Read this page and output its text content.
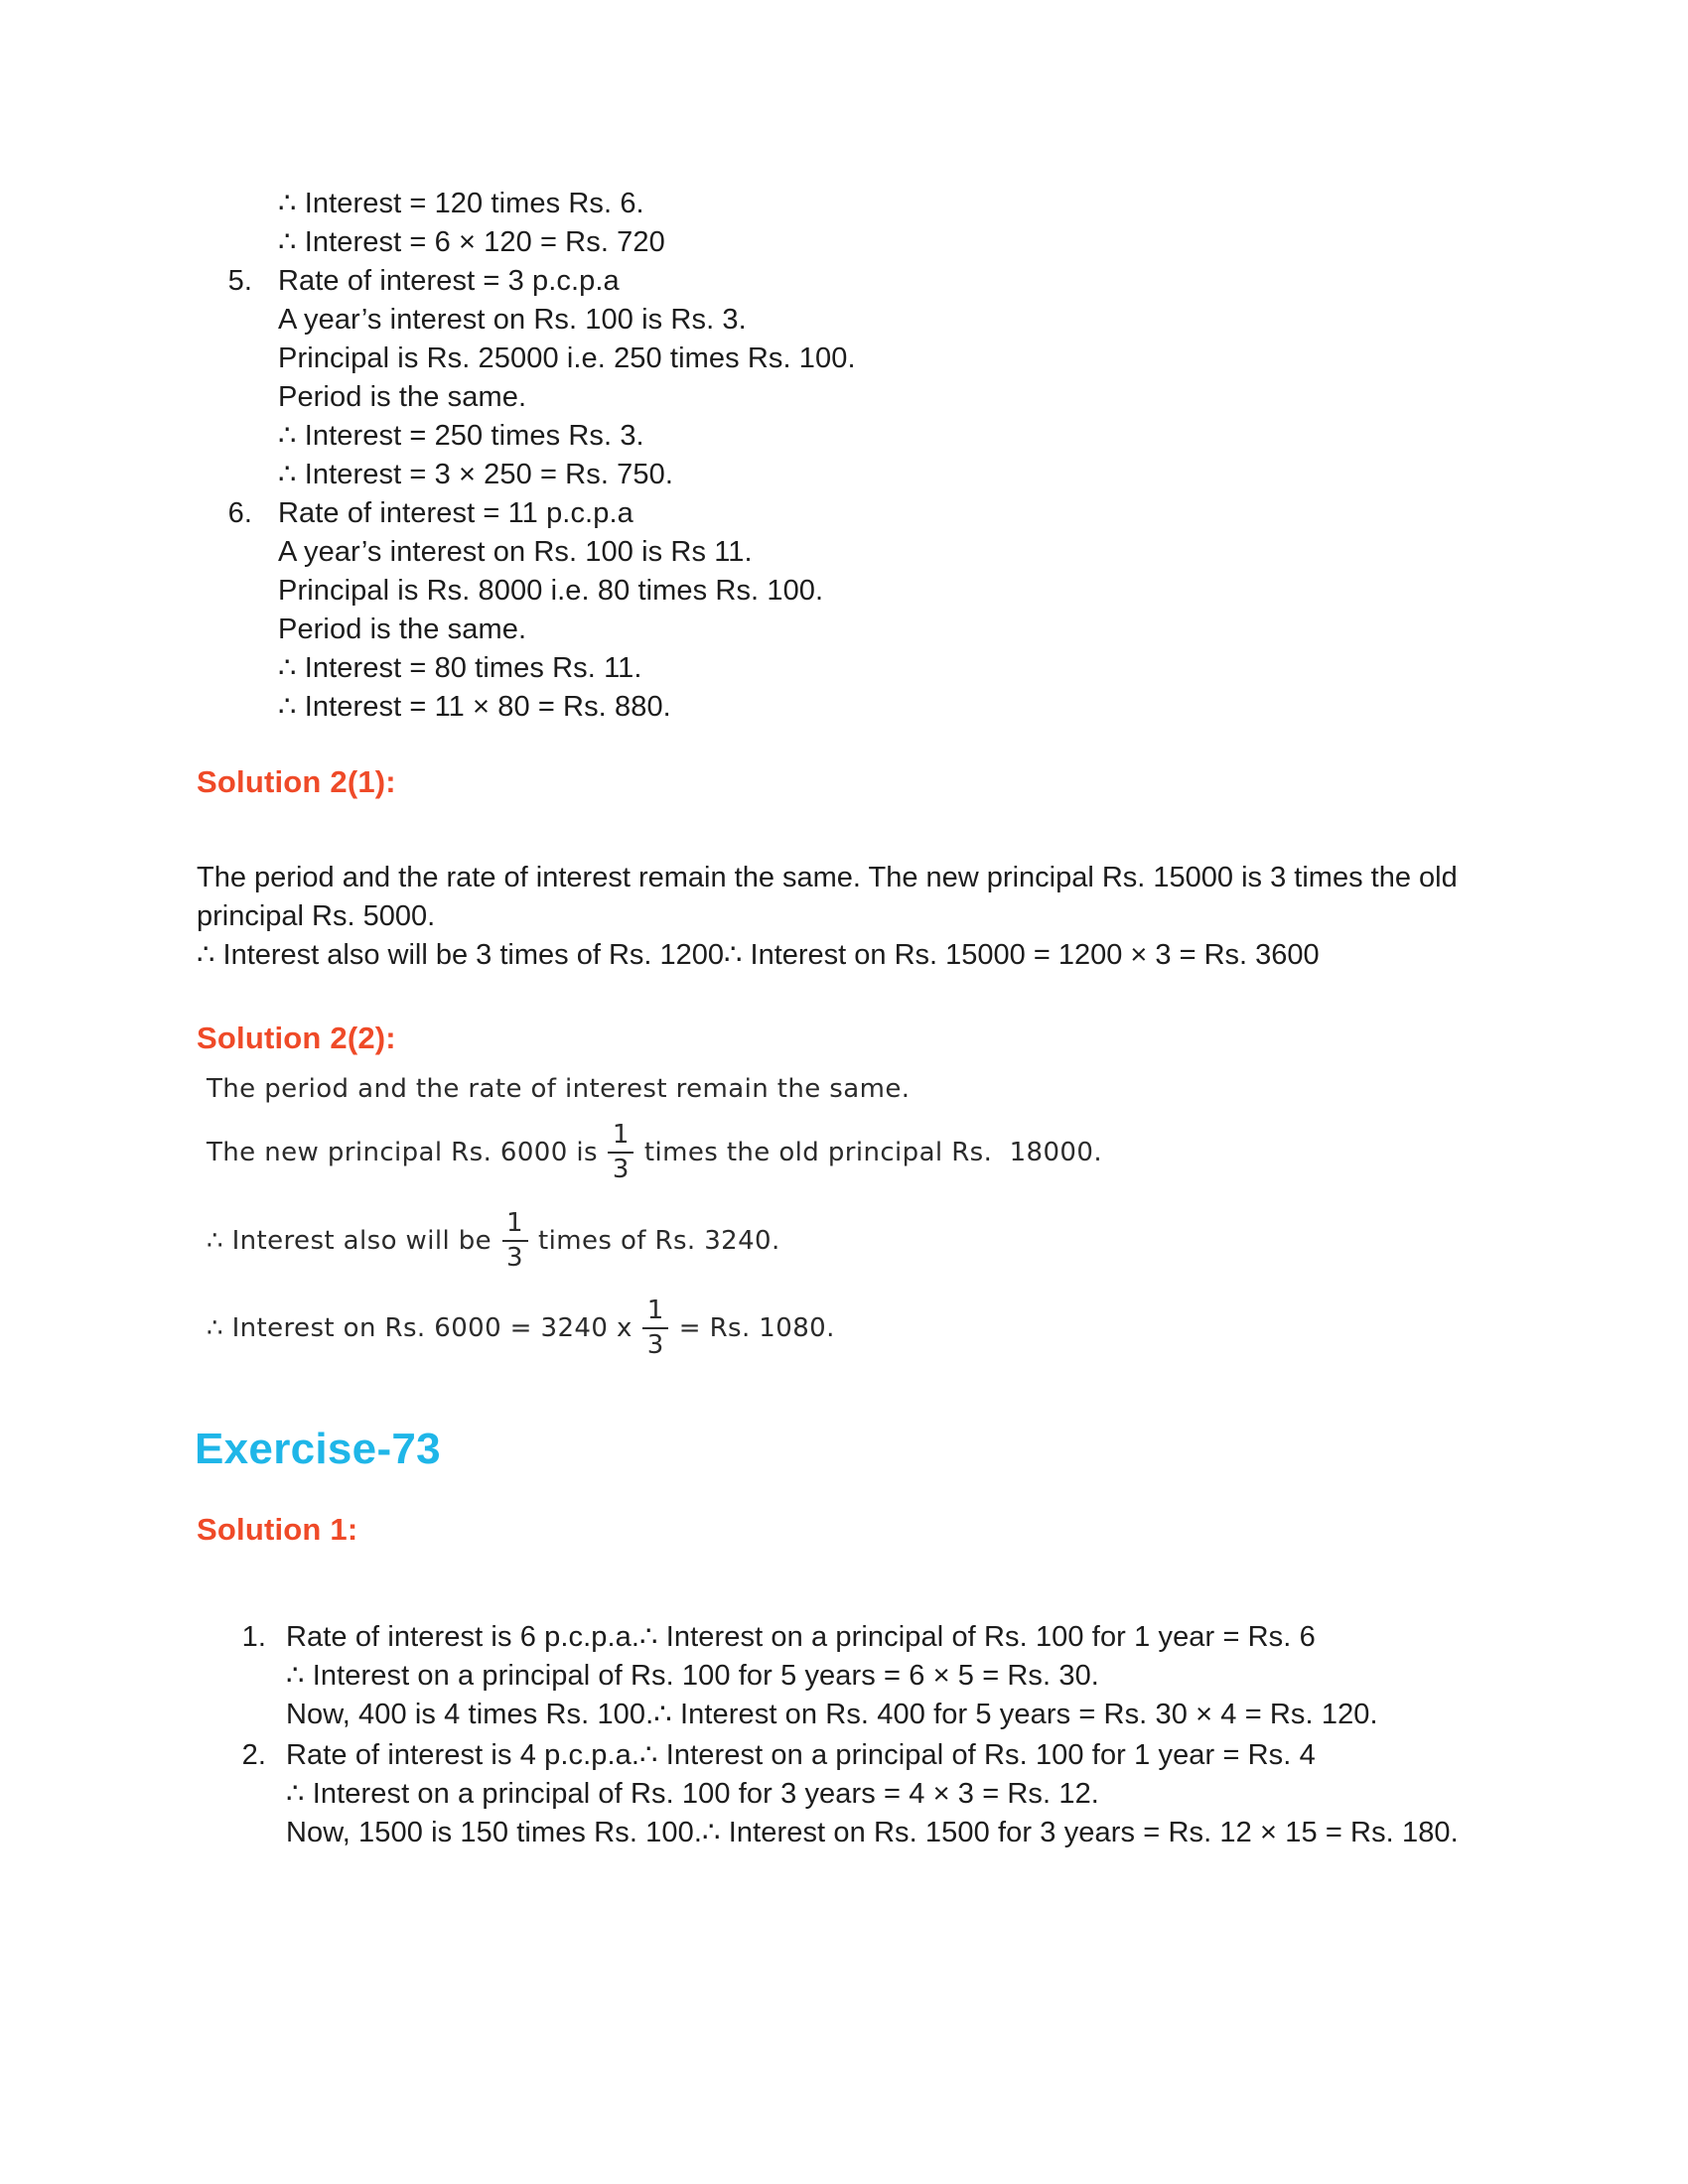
∴ Interest = 120 times Rs. 6.
∴ Interest = 6 × 120 = Rs. 720
5. Rate of interest = 3 p.c.p.a
A year’s interest on Rs. 100 is Rs. 3.
Principal is Rs. 25000 i.e. 250 times Rs. 100.
Period is the same.
∴ Interest = 250 times Rs. 3.
∴ Interest = 3 × 250 = Rs. 750.
6. Rate of interest = 11 p.c.p.a
A year’s interest on Rs. 100 is Rs 11.
Principal is Rs. 8000 i.e. 80 times Rs. 100.
Period is the same.
∴ Interest = 80 times Rs. 11.
∴ Interest = 11 × 80 = Rs. 880.
Solution 2(1):
The period and the rate of interest remain the same. The new principal Rs. 15000 is 3 times the old principal Rs. 5000.
∴ Interest also will be 3 times of Rs. 1200∴ Interest on Rs. 15000 = 1200 × 3 = Rs. 3600
Solution 2(2):
The period and the rate of interest remain the same.
The new principal Rs. 6000 is $\frac{1}{3}$ times the old principal Rs.  18000.
∴ Interest also will be $\frac{1}{3}$ times of Rs. 3240.
∴ Interest on Rs. 6000 = 3240 x $\frac{1}{3} = Rs$. 1080.
Exercise-73
Solution 1:
1. Rate of interest is 6 p.c.p.a.∴ Interest on a principal of Rs. 100 for 1 year = Rs. 6
∴ Interest on a principal of Rs. 100 for 5 years = 6 × 5 = Rs. 30.
Now, 400 is 4 times Rs. 100.∴ Interest on Rs. 400 for 5 years = Rs. 30 × 4 = Rs. 120.
2. Rate of interest is 4 p.c.p.a.∴ Interest on a principal of Rs. 100 for 1 year = Rs. 4
∴ Interest on a principal of Rs. 100 for 3 years = 4 × 3 = Rs. 12.
Now, 1500 is 150 times Rs. 100.∴ Interest on Rs. 1500 for 3 years = Rs. 12 × 15 = Rs. 180.
